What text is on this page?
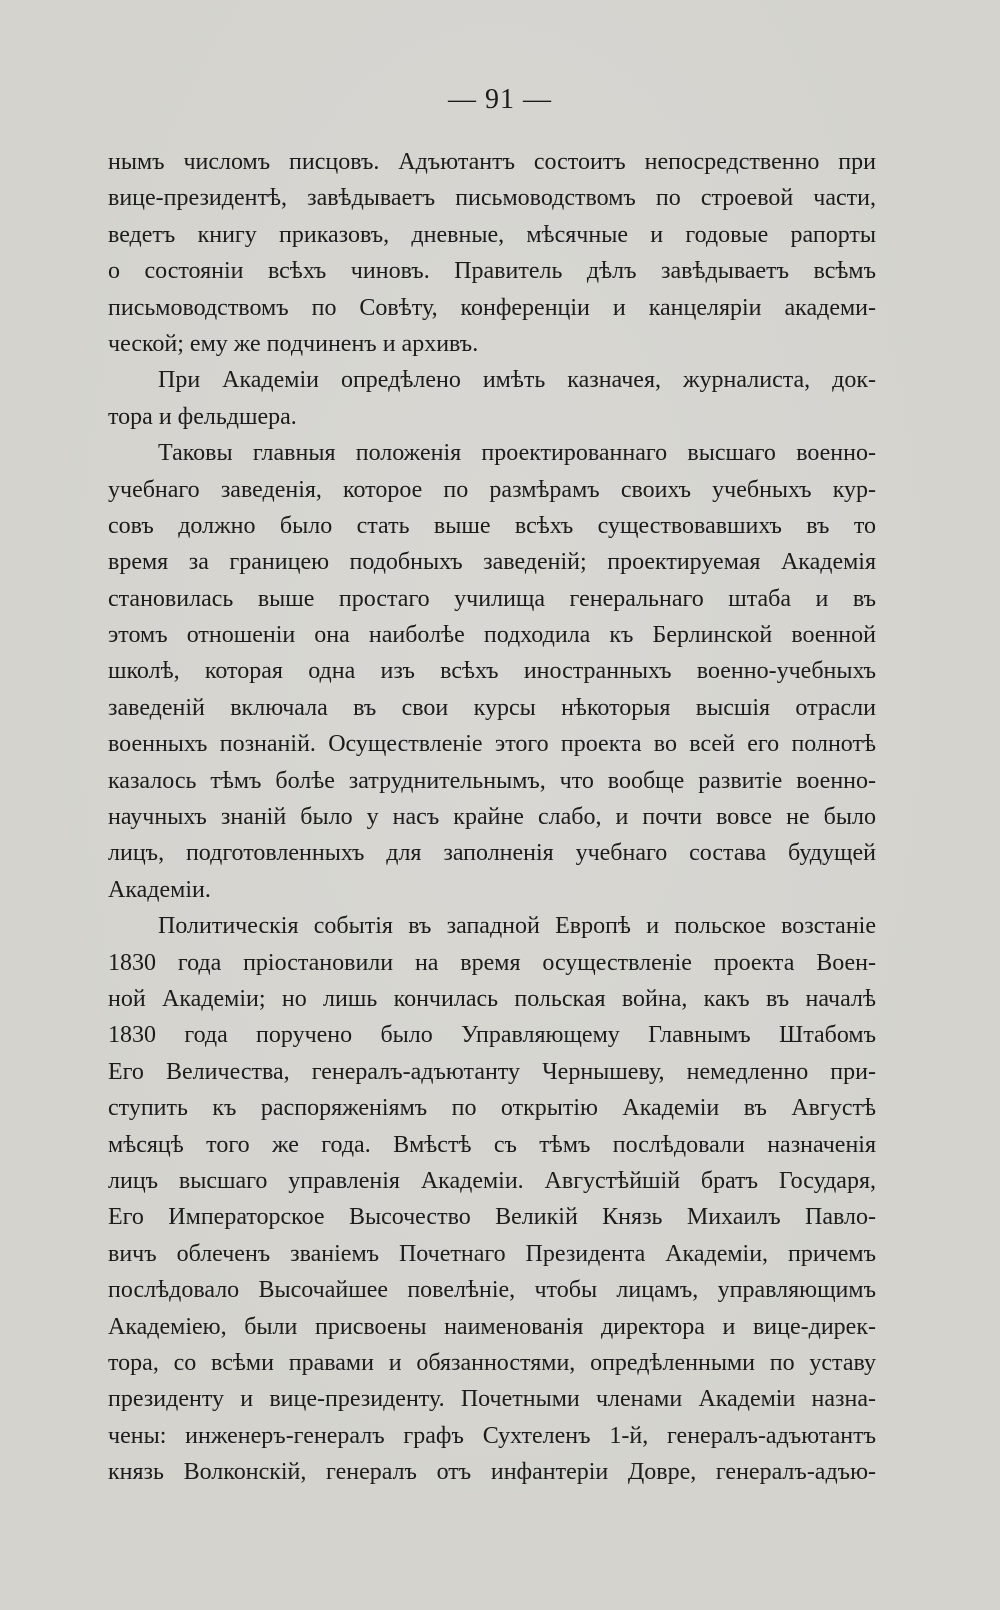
— 91 —
нымъ числомъ писцовъ. Адъютантъ состоитъ непосредственно при
вице-президентѣ, завѣдываетъ письмоводствомъ по строевой части,
ведетъ книгу приказовъ, дневные, мѣсячные и годовые рапорты
о состояніи всѣхъ чиновъ. Правитель дѣлъ завѣдываетъ всѣмъ
письмоводствомъ по Совѣту, конференціи и канцеляріи академи-
ческой; ему же подчиненъ и архивъ.
При Академіи опредѣлено имѣть казначея, журналиста, док-
тора и фельдшера.
Таковы главныя положенія проектированнаго высшаго военно-
учебнаго заведенія, которое по размѣрамъ своихъ учебныхъ кур-
совъ должно было стать выше всѣхъ существовавшихъ въ то
время за границею подобныхъ заведеній; проектируемая Академія
становилась выше простаго училища генеральнаго штаба и въ
этомъ отношеніи она наиболѣе подходила къ Берлинской военной
школѣ, которая одна изъ всѣхъ иностранныхъ военно-учебныхъ
заведеній включала въ свои курсы нѣкоторыя высшія отрасли
военныхъ познаній. Осуществленіе этого проекта во всей его полнотѣ
казалось тѣмъ болѣе затруднительнымъ, что вообще развитіе военно-
научныхъ знаній было у насъ крайне слабо, и почти вовсе не было
лицъ, подготовленныхъ для заполненія учебнаго состава будущей
Академіи.
Политическія событія въ западной Европѣ и польское возстаніе
1830 года пріостановили на время осуществленіе проекта Воен-
ной Академіи; но лишь кончилась польская война, какъ въ началѣ
1830 года поручено было Управляющему Главнымъ Штабомъ
Его Величества, генералъ-адъютанту Чернышеву, немедленно при-
ступить къ распоряженіямъ по открытію Академіи въ Августѣ
мѣсяцѣ того же года. Вмѣстѣ съ тѣмъ послѣдовали назначенія
лицъ высшаго управленія Академіи. Августѣйшій братъ Государя,
Его Императорское Высочество Великій Князь Михаилъ Павло-
вичъ облеченъ званіемъ Почетнаго Президента Академіи, причемъ
послѣдовало Высочайшее повелѣніе, чтобы лицамъ, управляющимъ
Академіею, были присвоены наименованія директора и вице-дирек-
тора, со всѣми правами и обязанностями, опредѣленными по уставу
президенту и вице-президенту. Почетными членами Академіи назна-
чены: инженеръ-генералъ графъ Сухтеленъ 1-й, генералъ-адъютантъ
князь Волконскій, генералъ отъ инфантеріи Довре, генералъ-адъю-
